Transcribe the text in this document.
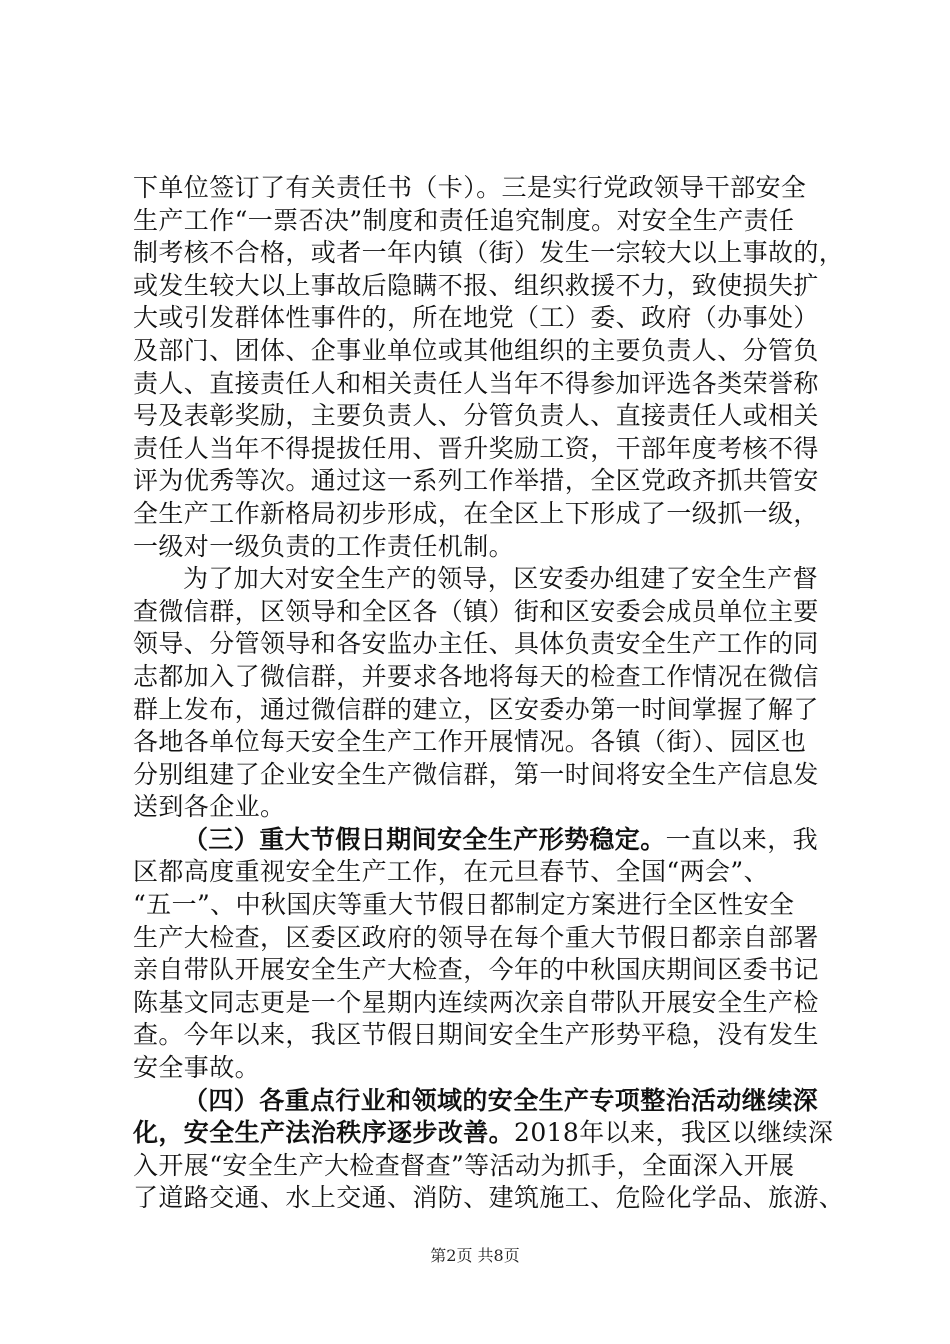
下单位签订了有关责任书（卡）。三是实行党政领导干部安全
生产工作“一票否决”制度和责任追究制度。对安全生产责任
制考核不合格，或者一年内镇（街）发生一宗较大以上事故的，
或发生较大以上事故后隐瞒不报、组织救援不力，致使损失扩
大或引发群体性事件的，所在地党（工）委、政府（办事处）
及部门、团体、企事业单位或其他组织的主要负责人、分管负
责人、直接责任人和相关责任人当年不得参加评选各类荣誉称
号及表彰奖励，主要负责人、分管负责人、直接责任人或相关
责任人当年不得提拔任用、晋升奖励工资，干部年度考核不得
评为优秀等次。通过这一系列工作举措，全区党政齐抓共管安
全生产工作新格局初步形成，在全区上下形成了一级抓一级，
一级对一级负责的工作责任机制。
为了加大对安全生产的领导，区安委办组建了安全生产督
查微信群，区领导和全区各（镇）街和区安委会成员单位主要
领导、分管领导和各安监办主任、具体负责安全生产工作的同
志都加入了微信群，并要求各地将每天的检查工作情况在微信
群上发布，通过微信群的建立，区安委办第一时间掌握了解了
各地各单位每天安全生产工作开展情况。各镇（街）、园区也
分别组建了企业安全生产微信群，第一时间将安全生产信息发
送到各企业。
（三）重大节假日期间安全生产形势稳定。一直以来，我
区都高度重视安全生产工作，在元旦春节、全国“两会”、
“五一”、中秋国庆等重大节假日都制定方案进行全区性安全
生产大检查，区委区政府的领导在每个重大节假日都亲自部署
亲自带队开展安全生产大检查，今年的中秋国庆期间区委书记
陈基文同志更是一个星期内连续两次亲自带队开展安全生产检
查。今年以来，我区节假日期间安全生产形势平稳，没有发生
安全事故。
（四）各重点行业和领域的安全生产专项整治活动继续深
化，安全生产法治秩序逐步改善。2018年以来，我区以继续深
入开展“安全生产大检查督查”等活动为抓手，全面深入开展
了道路交通、水上交通、消防、建筑施工、危险化学品、旅游、
第2页 共8页
